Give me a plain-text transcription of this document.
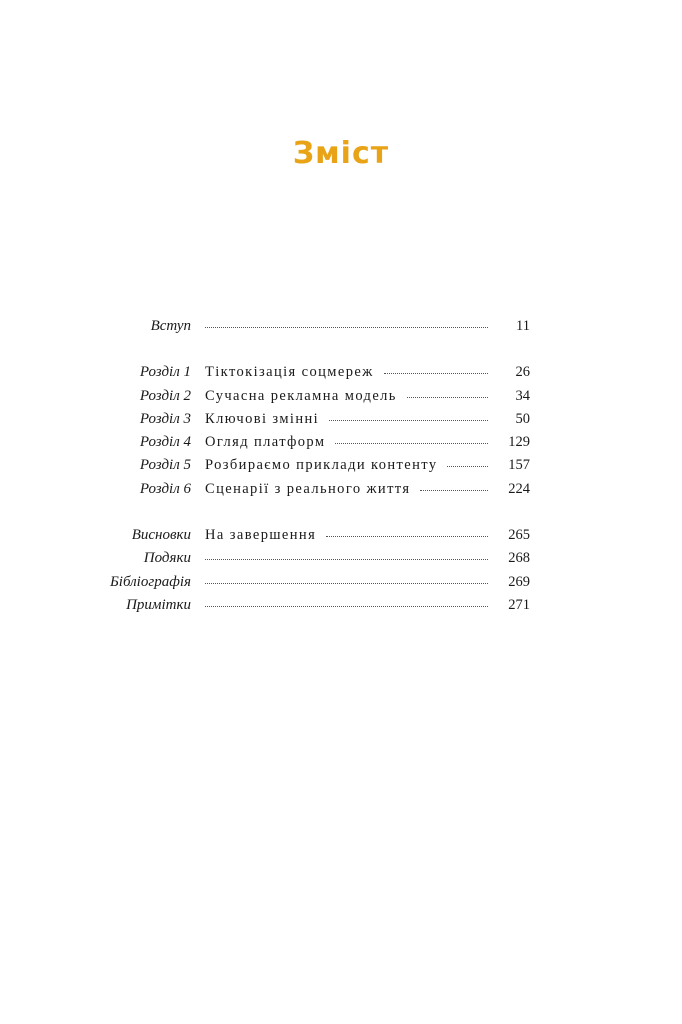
Зміст
Вступ	11
Розділ 1 Тіктокізація соцмереж	26
Розділ 2 Сучасна рекламна модель	34
Розділ 3 Ключові змінні	50
Розділ 4 Огляд платформ	129
Розділ 5 Розбираємо приклади контенту	157
Розділ 6 Сценарії з реального життя	224
Висновки На завершення	265
Подяки	268
Бібліографія	269
Примітки	271
